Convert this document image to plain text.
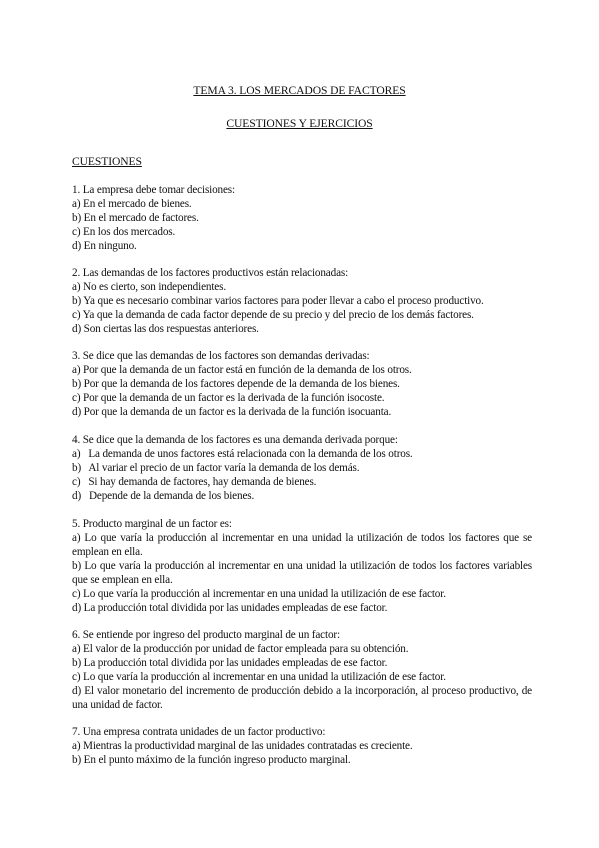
TEMA 3. LOS MERCADOS DE FACTORES
CUESTIONES Y EJERCICIOS
CUESTIONES
1. La empresa debe tomar decisiones:
a) En el mercado de bienes.
b) En el mercado de factores.
c) En los dos mercados.
d) En ninguno.
2. Las demandas de los factores productivos están relacionadas:
a) No es cierto, son independientes.
b) Ya que es necesario combinar varios factores para poder llevar a cabo el proceso productivo.
c) Ya que la demanda de cada factor depende de su precio y del precio de los demás factores.
d) Son ciertas las dos respuestas anteriores.
3. Se dice que las demandas de los factores son demandas derivadas:
a) Por que la demanda de un factor está en función de la demanda de los otros.
b) Por que la demanda de los factores depende de la demanda de los bienes.
c) Por que la demanda de un factor es la derivada de la función isocoste.
d) Por que la demanda de un factor es la derivada de la función isocuanta.
4. Se dice que la demanda de los factores es una demanda derivada porque:
a)   La demanda de unos factores está relacionada con la demanda de los otros.
b)   Al variar el precio de un factor varía la demanda de los demás.
c)   Si hay demanda de factores, hay demanda de bienes.
d)   Depende de la demanda de los bienes.
5. Producto marginal de un factor es:
a) Lo que varía la producción al incrementar en una unidad la utilización de todos los factores que se emplean en ella.
b) Lo que varía la producción al incrementar en una unidad la utilización de todos los factores variables que se emplean en ella.
c) Lo que varía la producción al incrementar en una unidad la utilización de ese factor.
d) La producción total dividida por las unidades empleadas de ese factor.
6. Se entiende por ingreso del producto marginal de un factor:
a) El valor de la producción por unidad de factor empleada para su obtención.
b) La producción total dividida por las unidades empleadas de ese factor.
c) Lo que varía la producción al incrementar en una unidad la utilización de ese factor.
d) El valor monetario del incremento de producción debido a la incorporación, al proceso productivo, de una unidad de factor.
7. Una empresa contrata unidades de un factor productivo:
a) Mientras la productividad marginal de las unidades contratadas es creciente.
b) En el punto máximo de la función ingreso producto marginal.
